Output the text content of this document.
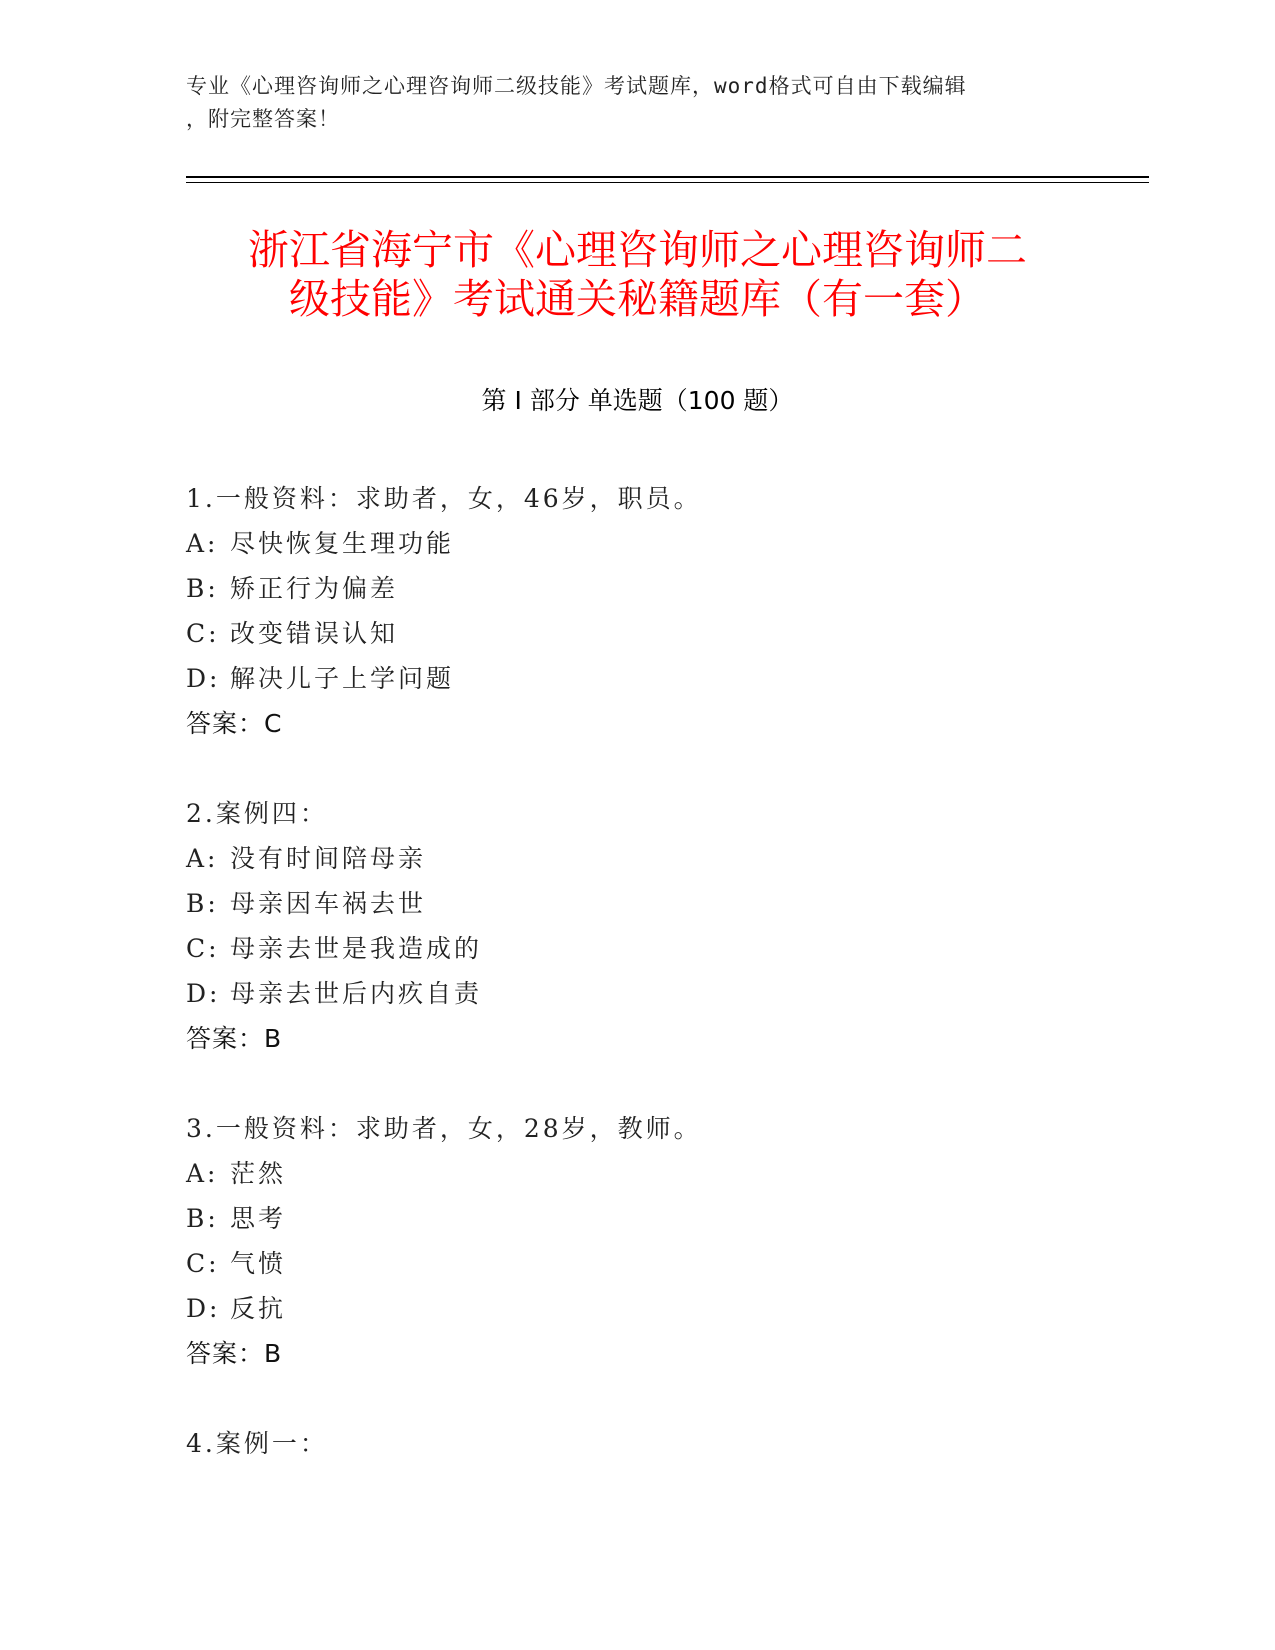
专业《心理咨询师之心理咨询师二级技能》考试题库，word格式可自由下载编辑
，附完整答案！
浙江省海宁市《心理咨询师之心理咨询师二
级技能》考试通关秘籍题库（有一套）
第 I 部分 单选题（100 题）
1.一般资料：求助者，女，46岁，职员。
A: 尽快恢复生理功能
B: 矫正行为偏差
C: 改变错误认知
D: 解决儿子上学问题
答案：C
2.案例四：
A: 没有时间陪母亲
B: 母亲因车祸去世
C: 母亲去世是我造成的
D: 母亲去世后内疚自责
答案：B
3.一般资料：求助者，女，28岁，教师。
A: 茫然
B: 思考
C: 气愤
D: 反抗
答案：B
4.案例一：
